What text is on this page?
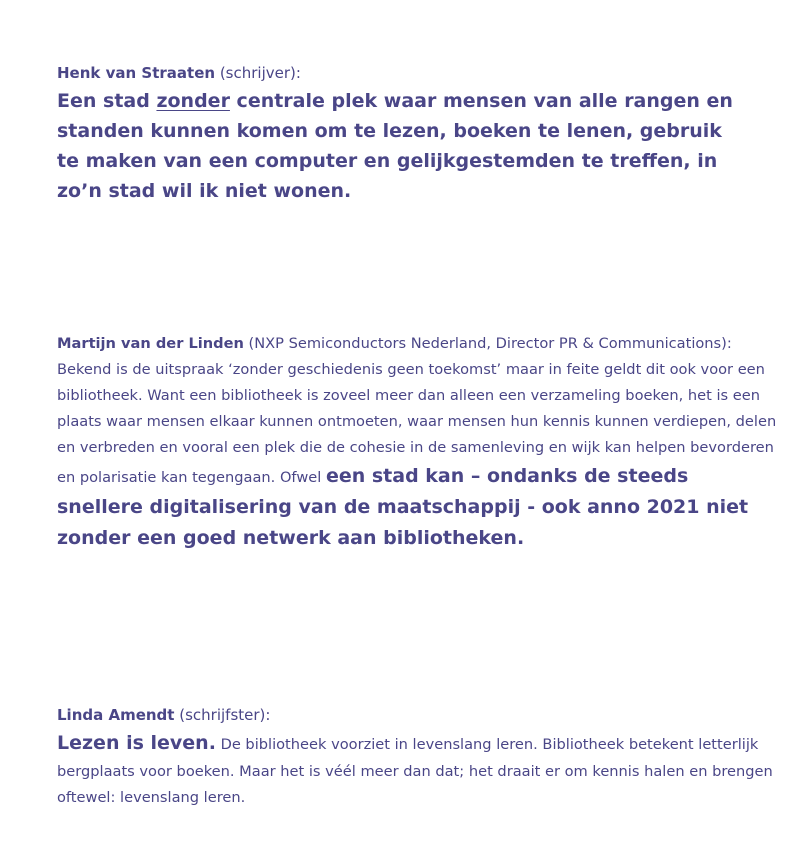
Henk van Straaten (schrijver):

Een stad zonder centrale plek waar mensen van alle rangen en standen kunnen komen om te lezen, boeken te lenen, gebruik te maken van een computer en gelijkgestemden te treffen, in zo’n stad wil ik niet wonen.

Martijn van der Linden (NXP Semiconductors Nederland, Director PR & Communications): Bekend is de uitspraak ‘zonder geschiedenis geen toekomst’ maar in feite geldt dit ook voor een bibliotheek. Want een bibliotheek is zoveel meer dan alleen een verzameling boeken, het is een plaats waar mensen elkaar kunnen ontmoeten, waar mensen hun kennis kunnen verdiepen, delen en verbreden en vooral een plek die de cohesie in de samenleving en wijk kan helpen bevorderen en polarisatie kan tegengaan. Ofwel een stad kan – ondanks de steeds snellere digitalisering van de maatschappij - ook anno 2021 niet zonder een goed netwerk aan bibliotheken.

Linda Amendt (schrijfster):

Lezen is leven. De bibliotheek voorziet in levenslang leren. Bibliotheek betekent letterlijk bergplaats voor boeken. Maar het is véél meer dan dat; het draait er om kennis halen en brengen oftewel: levenslang leren.
